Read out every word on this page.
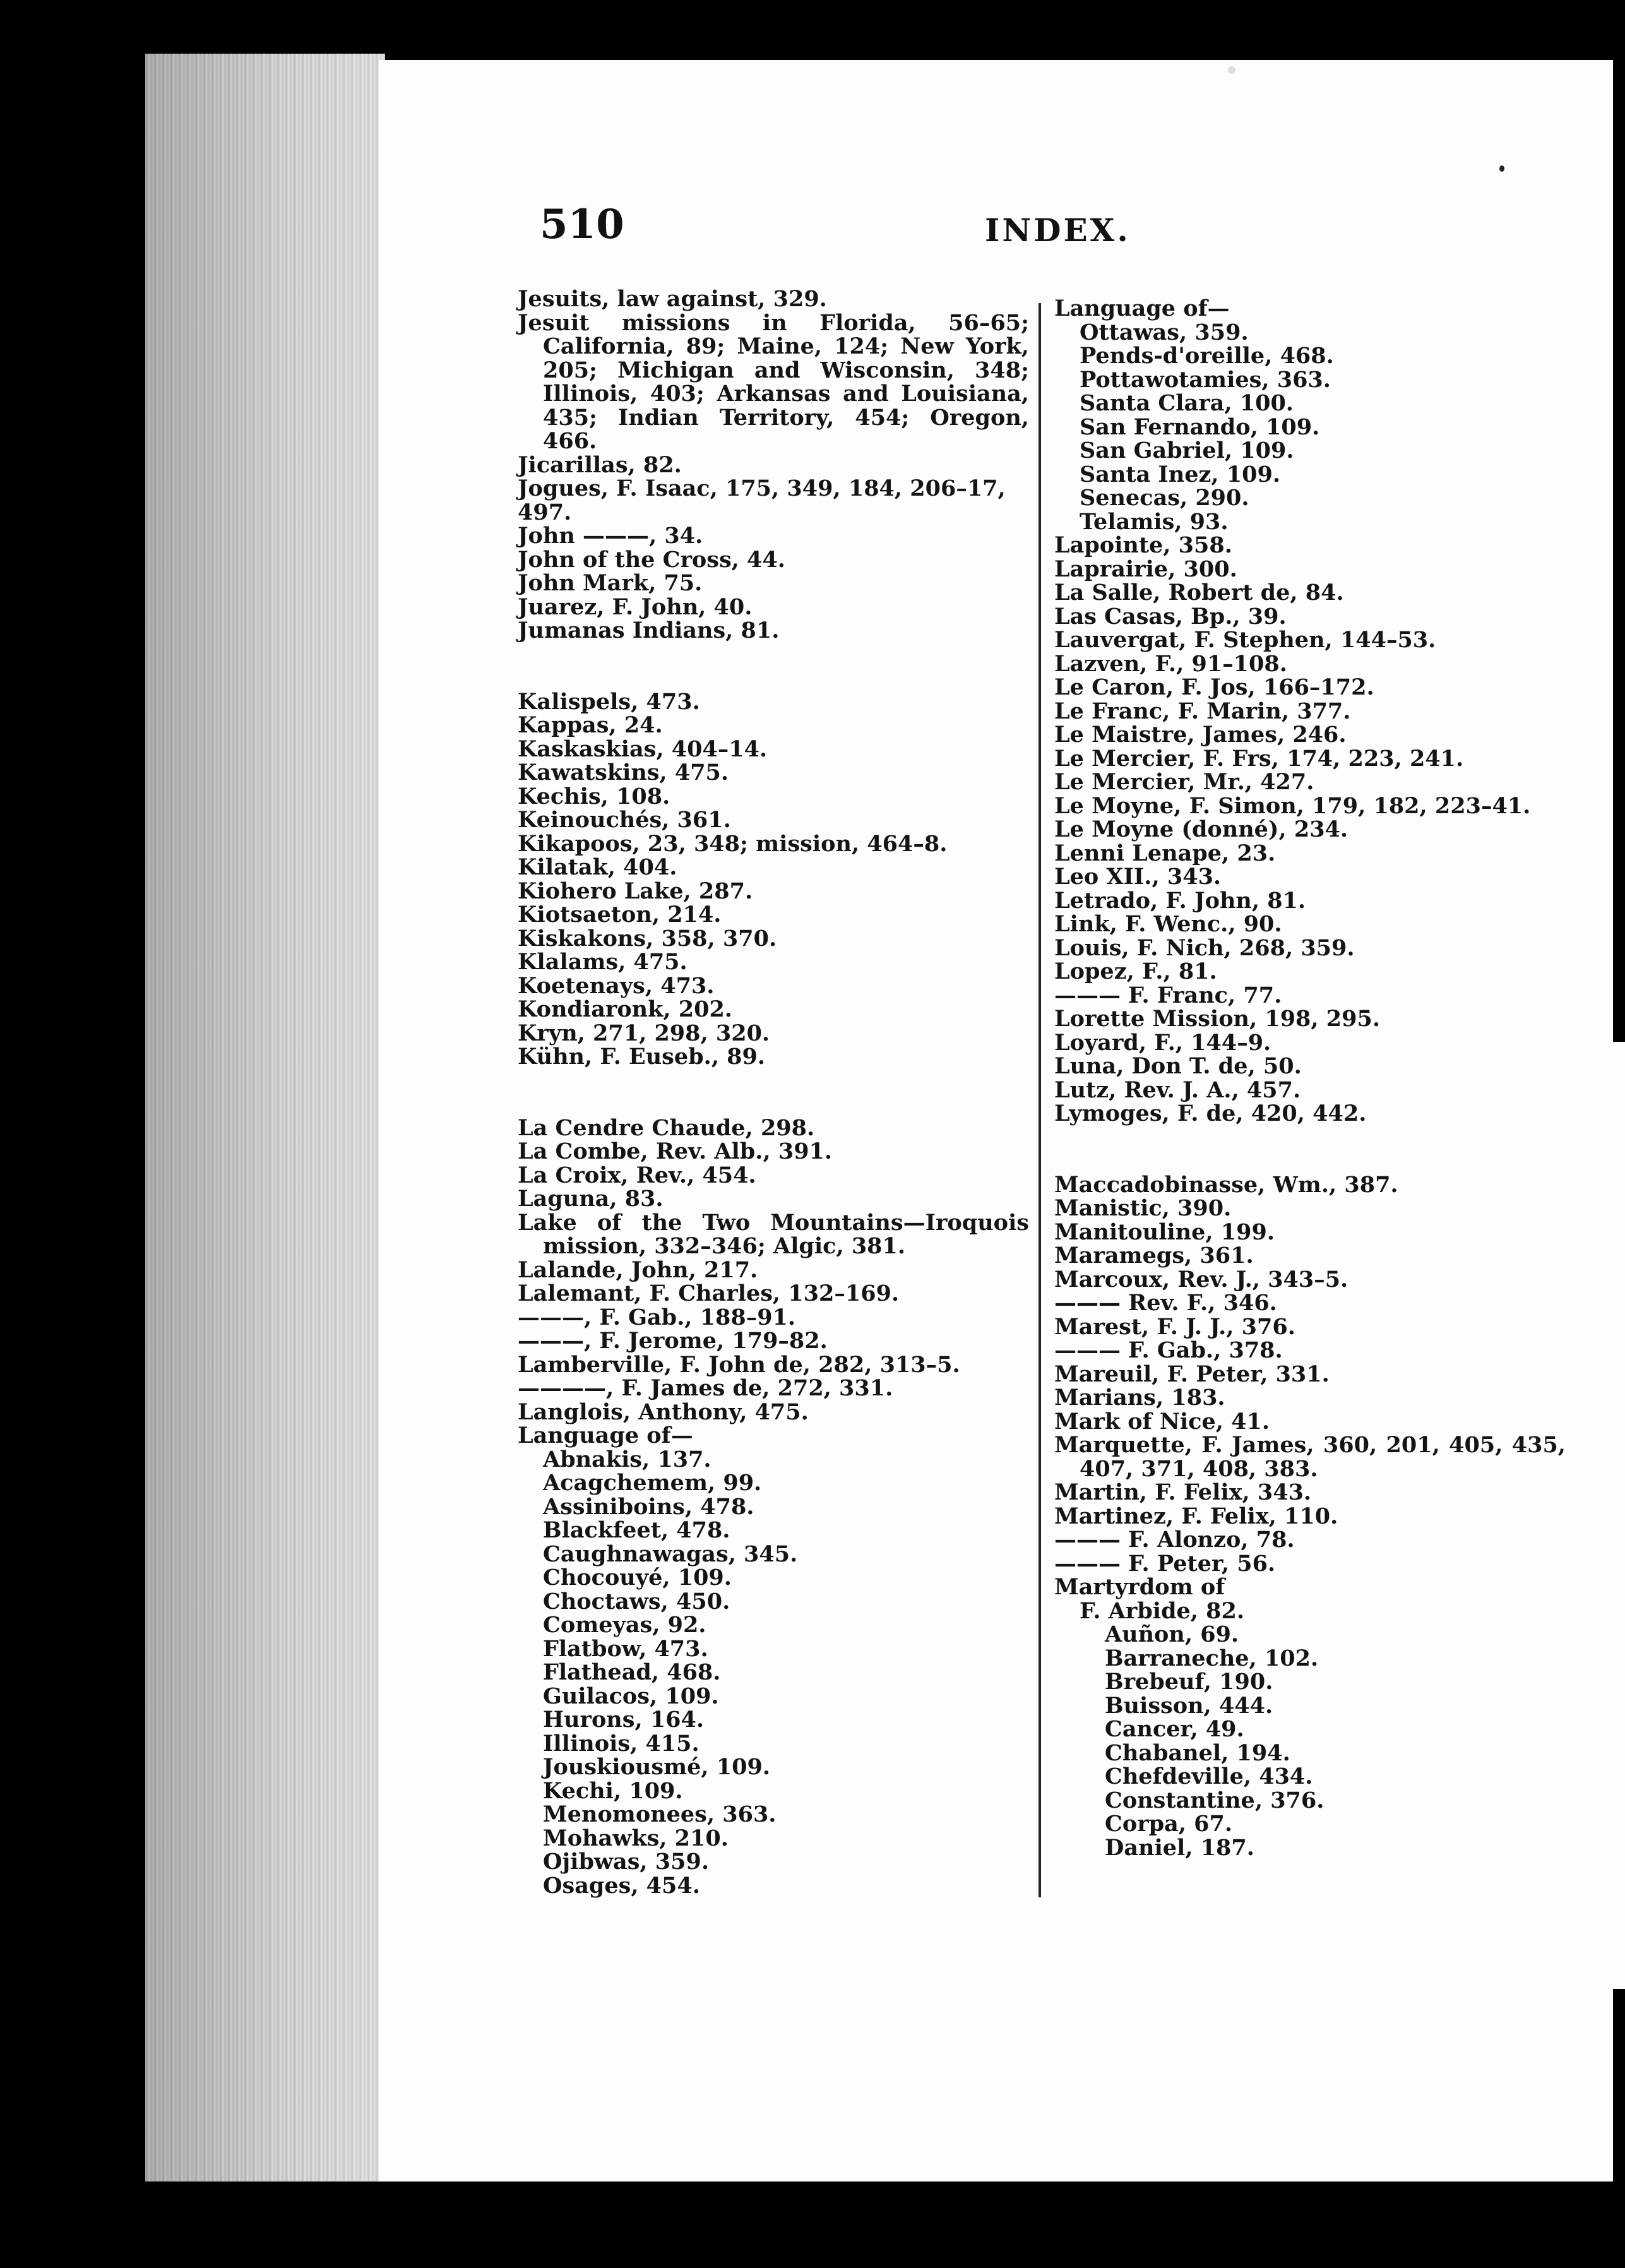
510	INDEX.
Jesuits, law against, 329.
Jesuit missions in Florida, 56–65; California, 89; Maine, 124; New York, 205; Michigan and Wisconsin, 348; Illinois, 403; Arkansas and Louisiana, 435; Indian Territory, 454; Oregon, 466.
Jicarillas, 82.
Jogues, F. Isaac, 175, 349, 184, 206–17, 497.
John ———, 34.
John of the Cross, 44.
John Mark, 75.
Juarez, F. John, 40.
Jumanas Indians, 81.
Kalispels, 473.
Kappas, 24.
Kaskaskias, 404–14.
Kawatskins, 475.
Kechis, 108.
Keinouchés, 361.
Kikapoos, 23, 348; mission, 464–8.
Kilatak, 404.
Kiohero Lake, 287.
Kiotsaeton, 214.
Kiskakons, 358, 370.
Klalams, 475.
Koetenays, 473.
Kondiaronk, 202.
Kryn, 271, 298, 320.
Kühn, F. Euseb., 89.
La Cendre Chaude, 298.
La Combe, Rev. Alb., 391.
La Croix, Rev., 454.
Laguna, 83.
Lake of the Two Mountains—Iroquois mission, 332–346; Algic, 381.
Lalande, John, 217.
Lalemant, F. Charles, 132–169.
———, F. Gab., 188–91.
———, F. Jerome, 179–82.
Lamberville, F. John de, 282, 313–5.
————, F. James de, 272, 331.
Langlois, Anthony, 475.
Language of—
Abnakis, 137.
Acagchemem, 99.
Assiniboins, 478.
Blackfeet, 478.
Caughnawagas, 345.
Chocouyé, 109.
Choctaws, 450.
Comeyas, 92.
Flatbow, 473.
Flathead, 468.
Guilacos, 109.
Hurons, 164.
Illinois, 415.
Jouskiousmé, 109.
Kechi, 109.
Menomonees, 363.
Mohawks, 210.
Ojibwas, 359.
Osages, 454.
Language of—
Ottawas, 359.
Pends-d'oreille, 468.
Pottawotamies, 363.
Santa Clara, 100.
San Fernando, 109.
San Gabriel, 109.
Santa Inez, 109.
Senecas, 290.
Telamis, 93.
Lapointe, 358.
Laprairie, 300.
La Salle, Robert de, 84.
Las Casas, Bp., 39.
Lauvergat, F. Stephen, 144–53.
Lazven, F., 91–108.
Le Caron, F. Jos, 166–172.
Le Franc, F. Marin, 377.
Le Maistre, James, 246.
Le Mercier, F. Frs, 174, 223, 241.
Le Mercier, Mr., 427.
Le Moyne, F. Simon, 179, 182, 223–41.
Le Moyne (donné), 234.
Lenni Lenape, 23.
Leo XII., 343.
Letrado, F. John, 81.
Link, F. Wenc., 90.
Louis, F. Nich, 268, 359.
Lopez, F., 81.
——— F. Franc, 77.
Lorette Mission, 198, 295.
Loyard, F., 144–9.
Luna, Don T. de, 50.
Lutz, Rev. J. A., 457.
Lymoges, F. de, 420, 442.
Maccadobinasse, Wm., 387.
Manistic, 390.
Manitouline, 199.
Maramegs, 361.
Marcoux, Rev. J., 343–5.
——— Rev. F., 346.
Marest, F. J. J., 376.
——— F. Gab., 378.
Mareuil, F. Peter, 331.
Marians, 183.
Mark of Nice, 41.
Marquette, F. James, 360, 201, 405, 435, 407, 371, 408, 383.
Martin, F. Felix, 343.
Martinez, F. Felix, 110.
——— F. Alonzo, 78.
——— F. Peter, 56.
Martyrdom of
F. Arbide, 82.
Auñon, 69.
Barraneche, 102.
Brebeuf, 190.
Buisson, 444.
Cancer, 49.
Chabanel, 194.
Chefdeville, 434.
Constantine, 376.
Corpa, 67.
Daniel, 187.
